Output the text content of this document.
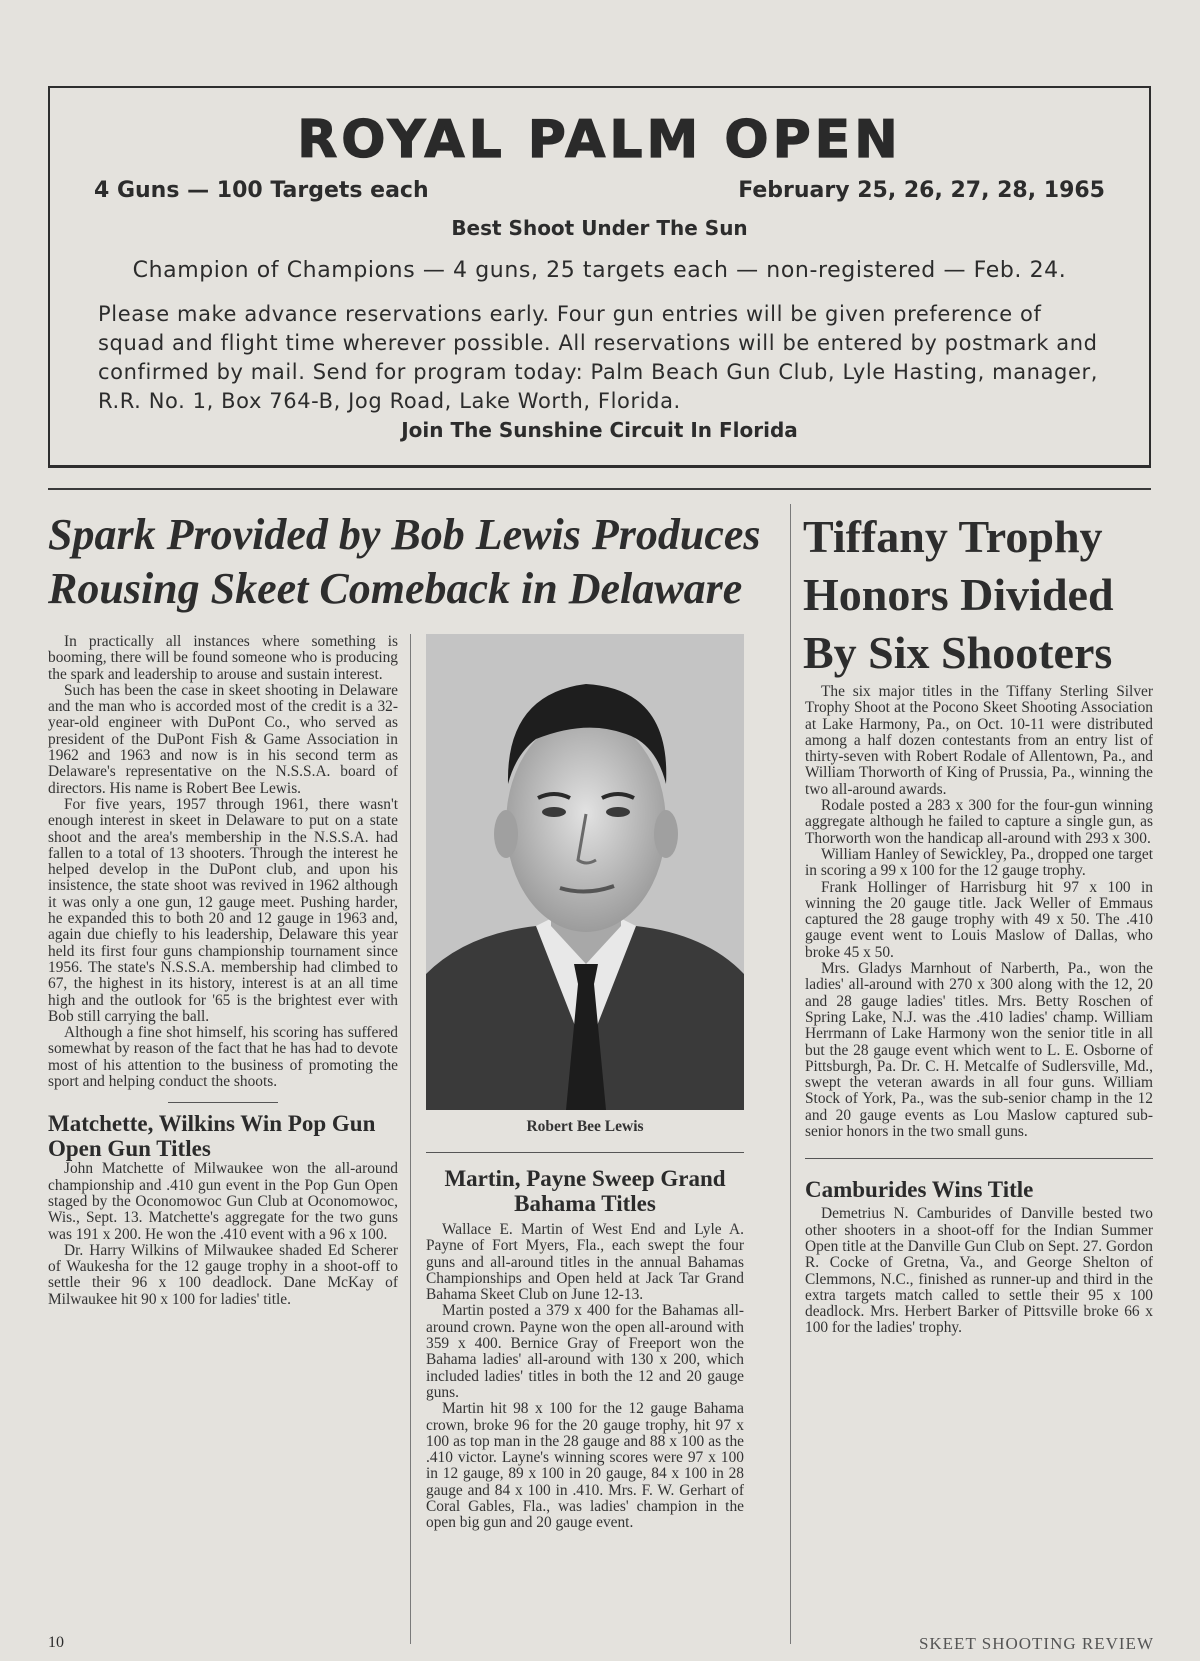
ROYAL PALM OPEN
4 Guns — 100 Targets each	February 25, 26, 27, 28, 1965
Best Shoot Under The Sun
Champion of Champions — 4 guns, 25 targets each — non-registered — Feb. 24.
Please make advance reservations early. Four gun entries will be given preference of squad and flight time wherever possible. All reservations will be entered by postmark and confirmed by mail. Send for program today: Palm Beach Gun Club, Lyle Hasting, manager, R.R. No. 1, Box 764-B, Jog Road, Lake Worth, Florida.
Join The Sunshine Circuit In Florida
Spark Provided by Bob Lewis Produces
Rousing Skeet Comeback in Delaware
Tiffany Trophy Honors Divided By Six Shooters

In practically all instances where something is booming, there will be found someone who is producing the spark and leadership to arouse and sustain interest.

Such has been the case in skeet shooting in Delaware and the man who is accorded most of the credit is a 32-year-old engineer with DuPont Co., who served as president of the DuPont Fish & Game Association in 1962 and 1963 and now is in his second term as Delaware's representative on the N.S.S.A. board of directors. His name is Robert Bee Lewis.

For five years, 1957 through 1961, there wasn't enough interest in skeet in Delaware to put on a state shoot and the area's membership in the N.S.S.A. had fallen to a total of 13 shooters. Through the interest he helped develop in the DuPont club, and upon his insistence, the state shoot was revived in 1962 although it was only a one gun, 12 gauge meet. Pushing harder, he expanded this to both 20 and 12 gauge in 1963 and, again due chiefly to his leadership, Delaware this year held its first four guns championship tournament since 1956. The state's N.S.S.A. membership had climbed to 67, the highest in its history, interest is at an all time high and the outlook for '65 is the brightest ever with Bob still carrying the ball.

Although a fine shot himself, his scoring has suffered somewhat by reason of the fact that he has had to devote most of his attention to the business of promoting the sport and helping conduct the shoots.

Matchette, Wilkins Win Pop Gun Open Gun Titles

John Matchette of Milwaukee won the all-around championship and .410 gun event in the Pop Gun Open staged by the Oconomowoc Gun Club at Oconomowoc, Wis., Sept. 13. Matchette's aggregate for the two guns was 191 x 200. He won the .410 event with a 96 x 100.

Dr. Harry Wilkins of Milwaukee shaded Ed Scherer of Waukesha for the 12 gauge trophy in a shoot-off to settle their 96 x 100 deadlock. Dane McKay of Milwaukee hit 90 x 100 for ladies' title.

Robert Bee Lewis
Martin, Payne Sweep Grand Bahama Titles

Wallace E. Martin of West End and Lyle A. Payne of Fort Myers, Fla., each swept the four guns and all-around titles in the annual Bahamas Championships and Open held at Jack Tar Grand Bahama Skeet Club on June 12-13.

Martin posted a 379 x 400 for the Bahamas all-around crown. Payne won the open all-around with 359 x 400. Bernice Gray of Freeport won the Bahama ladies' all-around with 130 x 200, which included ladies' titles in both the 12 and 20 gauge guns.

Martin hit 98 x 100 for the 12 gauge Bahama crown, broke 96 for the 20 gauge trophy, hit 97 x 100 as top man in the 28 gauge and 88 x 100 as the .410 victor. Layne's winning scores were 97 x 100 in 12 gauge, 89 x 100 in 20 gauge, 84 x 100 in 28 gauge and 84 x 100 in .410. Mrs. F. W. Gerhart of Coral Gables, Fla., was ladies' champion in the open big gun and 20 gauge event.

The six major titles in the Tiffany Sterling Silver Trophy Shoot at the Pocono Skeet Shooting Association at Lake Harmony, Pa., on Oct. 10-11 were distributed among a half dozen contestants from an entry list of thirty-seven with Robert Rodale of Allentown, Pa., and William Thorworth of King of Prussia, Pa., winning the two all-around awards.

Rodale posted a 283 x 300 for the four-gun winning aggregate although he failed to capture a single gun, as Thorworth won the handicap all-around with 293 x 300.

William Hanley of Sewickley, Pa., dropped one target in scoring a 99 x 100 for the 12 gauge trophy.

Frank Hollinger of Harrisburg hit 97 x 100 in winning the 20 gauge title. Jack Weller of Emmaus captured the 28 gauge trophy with 49 x 50. The .410 gauge event went to Louis Maslow of Dallas, who broke 45 x 50.

Mrs. Gladys Marnhout of Narberth, Pa., won the ladies' all-around with 270 x 300 along with the 12, 20 and 28 gauge ladies' titles. Mrs. Betty Roschen of Spring Lake, N.J. was the .410 ladies' champ. William Herrmann of Lake Harmony won the senior title in all but the 28 gauge event which went to L. E. Osborne of Pittsburgh, Pa. Dr. C. H. Metcalfe of Sudlersville, Md., swept the veteran awards in all four guns. William Stock of York, Pa., was the sub-senior champ in the 12 and 20 gauge events as Lou Maslow captured sub-senior honors in the two small guns.

Camburides Wins Title

Demetrius N. Camburides of Danville bested two other shooters in a shoot-off for the Indian Summer Open title at the Danville Gun Club on Sept. 27. Gordon R. Cocke of Gretna, Va., and George Shelton of Clemmons, N.C., finished as runner-up and third in the extra targets match called to settle their 95 x 100 deadlock. Mrs. Herbert Barker of Pittsville broke 66 x 100 for the ladies' trophy.

10	SKEET SHOOTING REVIEW
